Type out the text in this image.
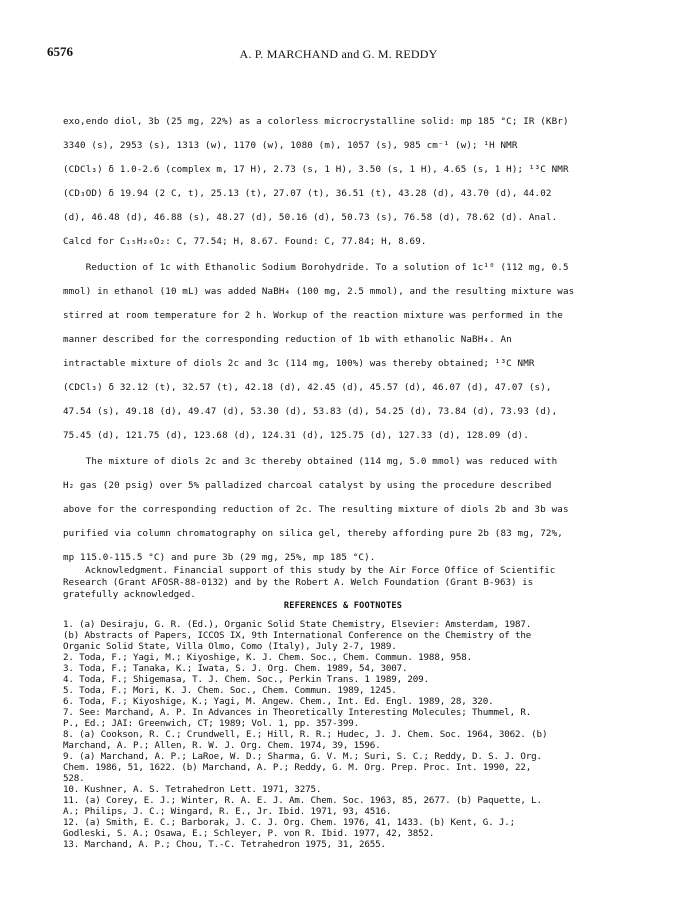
6576	A. P. MARCHAND and G. M. REDDY
exo,endo diol, 3b (25 mg, 22%) as a colorless microcrystalline solid: mp 185 °C; IR (KBr)
3340 (s), 2953 (s), 1313 (w), 1170 (w), 1080 (m), 1057 (s), 985 cm⁻¹ (w); ¹H NMR
(CDCl₃) δ 1.0-2.6 (complex m, 17 H), 2.73 (s, 1 H), 3.50 (s, 1 H), 4.65 (s, 1 H); ¹³C NMR
(CD₃OD) δ 19.94 (2 C, t), 25.13 (t), 27.07 (t), 36.51 (t), 43.28 (d), 43.70 (d), 44.02
(d), 46.48 (d), 46.88 (s), 48.27 (d), 50.16 (d), 50.73 (s), 76.58 (d), 78.62 (d). Anal.
Calcd for C₁₅H₂₀O₂: C, 77.54; H, 8.67. Found: C, 77.84; H, 8.69.
Reduction of 1c with Ethanolic Sodium Borohydride. To a solution of 1c¹⁰ (112 mg, 0.5
mmol) in ethanol (10 mL) was added NaBH₄ (100 mg, 2.5 mmol), and the resulting mixture was
stirred at room temperature for 2 h. Workup of the reaction mixture was performed in the
manner described for the corresponding reduction of 1b with ethanolic NaBH₄. An
intractable mixture of diols 2c and 3c (114 mg, 100%) was thereby obtained; ¹³C NMR
(CDCl₃) δ 32.12 (t), 32.57 (t), 42.18 (d), 42.45 (d), 45.57 (d), 46.07 (d), 47.07 (s),
47.54 (s), 49.18 (d), 49.47 (d), 53.30 (d), 53.83 (d), 54.25 (d), 73.84 (d), 73.93 (d),
75.45 (d), 121.75 (d), 123.68 (d), 124.31 (d), 125.75 (d), 127.33 (d), 128.09 (d).
The mixture of diols 2c and 3c thereby obtained (114 mg, 5.0 mmol) was reduced with
H₂ gas (20 psig) over 5% palladized charcoal catalyst by using the procedure described
above for the corresponding reduction of 2c. The resulting mixture of diols 2b and 3b was
purified via column chromatography on silica gel, thereby affording pure 2b (83 mg, 72%,
mp 115.0-115.5 °C) and pure 3b (29 mg, 25%, mp 185 °C).
Acknowledgment. Financial support of this study by the Air Force Office of Scientific
Research (Grant AFOSR-88-0132) and by the Robert A. Welch Foundation (Grant B-963) is
gratefully acknowledged.
REFERENCES & FOOTNOTES
1. (a) Desiraju, G. R. (Ed.), Organic Solid State Chemistry, Elsevier: Amsterdam, 1987.
(b) Abstracts of Papers, ICCOS IX, 9th International Conference on the Chemistry of the
Organic Solid State, Villa Olmo, Como (Italy), July 2-7, 1989.
2. Toda, F.; Yagi, M.; Kiyoshige, K. J. Chem. Soc., Chem. Commun. 1988, 958.
3. Toda, F.; Tanaka, K.; Iwata, S. J. Org. Chem. 1989, 54, 3007.
4. Toda, F.; Shigemasa, T. J. Chem. Soc., Perkin Trans. 1 1989, 209.
5. Toda, F.; Mori, K. J. Chem. Soc., Chem. Commun. 1989, 1245.
6. Toda, F.; Kiyoshige, K.; Yagi, M. Angew. Chem., Int. Ed. Engl. 1989, 28, 320.
7. See: Marchand, A. P. In Advances in Theoretically Interesting Molecules; Thummel, R.
P., Ed.; JAI: Greenwich, CT; 1989; Vol. 1, pp. 357-399.
8. (a) Cookson, R. C.; Crundwell, E.; Hill, R. R.; Hudec, J. J. Chem. Soc. 1964, 3062. (b)
Marchand, A. P.; Allen, R. W. J. Org. Chem. 1974, 39, 1596.
9. (a) Marchand, A. P.; LaRoe, W. D.; Sharma, G. V. M.; Suri, S. C.; Reddy, D. S. J. Org.
Chem. 1986, 51, 1622. (b) Marchand, A. P.; Reddy, G. M. Org. Prep. Proc. Int. 1990, 22,
528.
10. Kushner, A. S. Tetrahedron Lett. 1971, 3275.
11. (a) Corey, E. J.; Winter, R. A. E. J. Am. Chem. Soc. 1963, 85, 2677. (b) Paquette, L.
A.; Philips, J. C.; Wingard, R. E., Jr. Ibid. 1971, 93, 4516.
12. (a) Smith, E. C.; Barborak, J. C. J. Org. Chem. 1976, 41, 1433. (b) Kent, G. J.;
Godleski, S. A.; Osawa, E.; Schleyer, P. von R. Ibid. 1977, 42, 3852.
13. Marchand, A. P.; Chou, T.-C. Tetrahedron 1975, 31, 2655.
